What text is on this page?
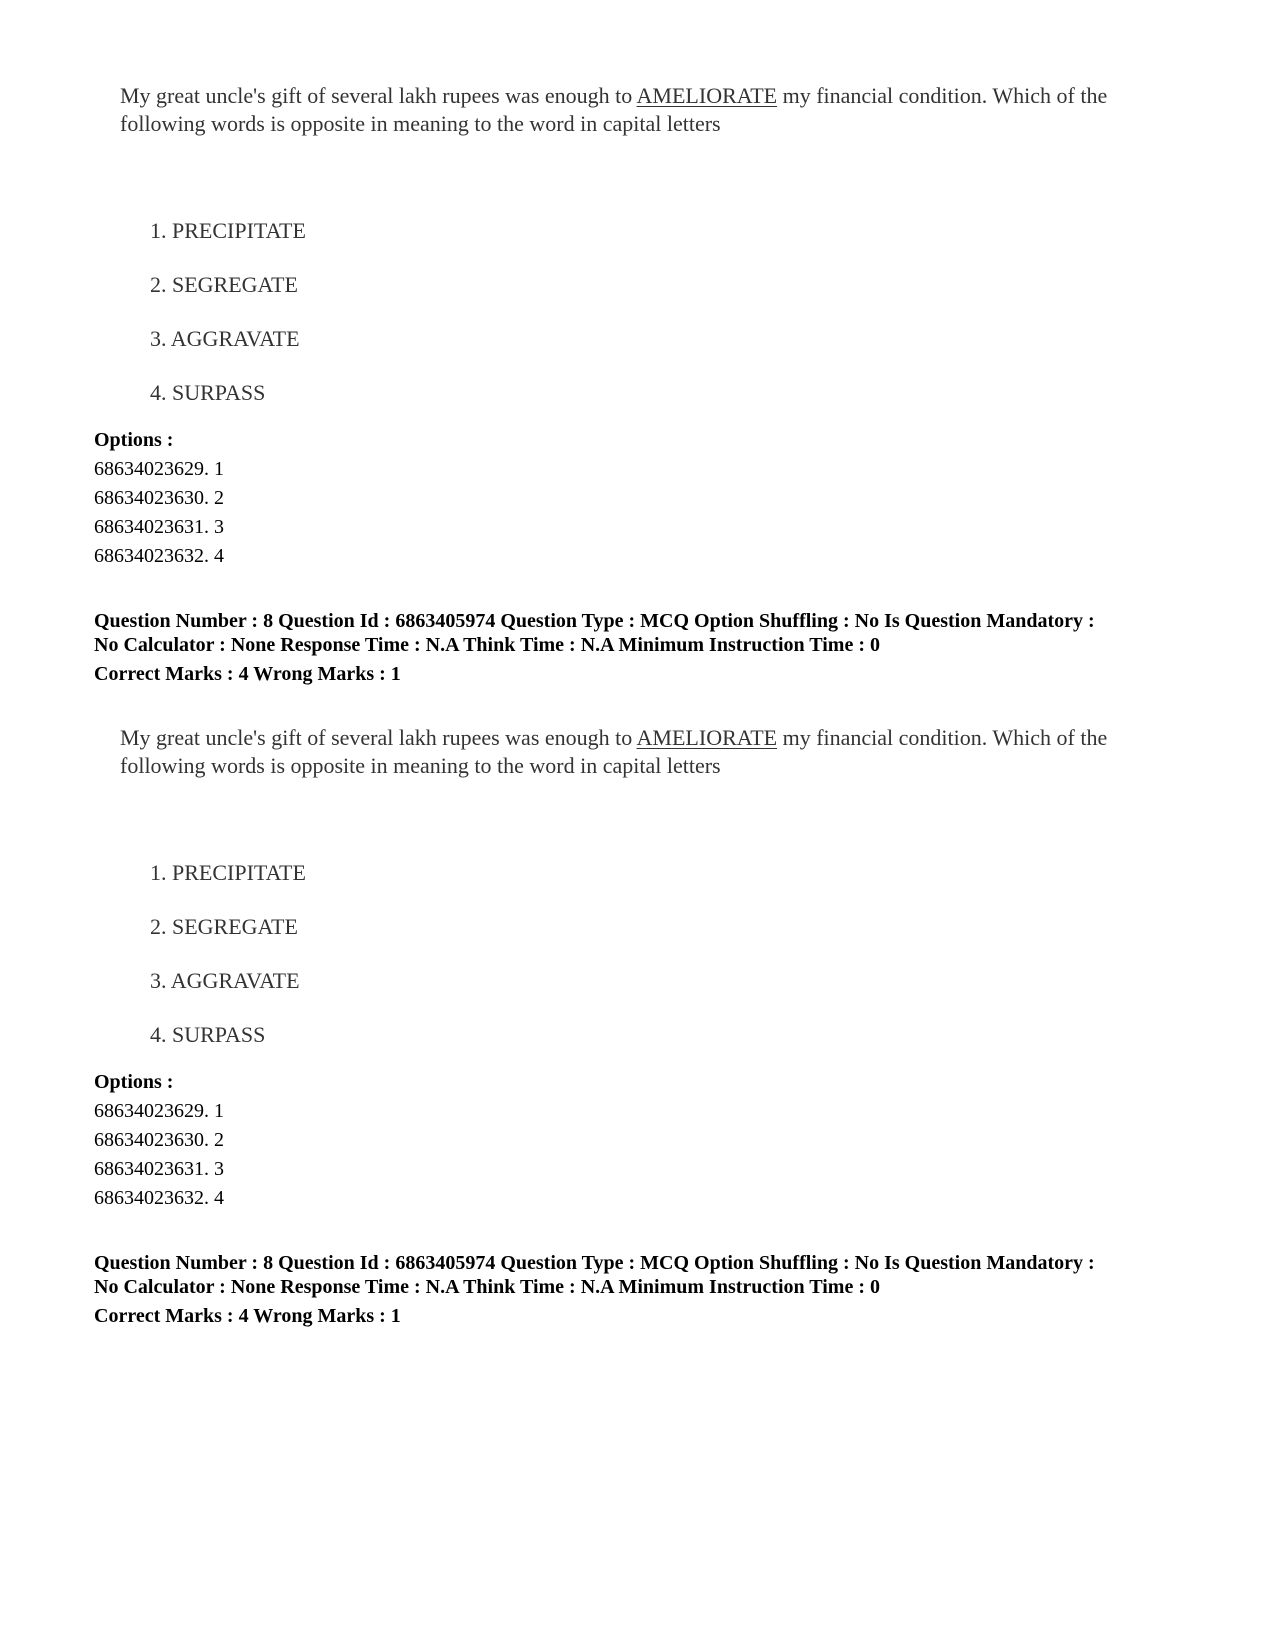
My great uncle's gift of several lakh rupees was enough to AMELIORATE my financial condition. Which of the following words is opposite in meaning to the word in capital letters
1. PRECIPITATE
2. SEGREGATE
3. AGGRAVATE
4. SURPASS
Options :
68634023629. 1
68634023630. 2
68634023631. 3
68634023632. 4
Question Number : 8 Question Id : 6863405974 Question Type : MCQ Option Shuffling : No Is Question Mandatory :
No Calculator : None Response Time : N.A Think Time : N.A Minimum Instruction Time : 0
Correct Marks : 4 Wrong Marks : 1
My great uncle's gift of several lakh rupees was enough to AMELIORATE my financial condition. Which of the following words is opposite in meaning to the word in capital letters
1. PRECIPITATE
2. SEGREGATE
3. AGGRAVATE
4. SURPASS
Options :
68634023629. 1
68634023630. 2
68634023631. 3
68634023632. 4
Question Number : 8 Question Id : 6863405974 Question Type : MCQ Option Shuffling : No Is Question Mandatory :
No Calculator : None Response Time : N.A Think Time : N.A Minimum Instruction Time : 0
Correct Marks : 4 Wrong Marks : 1
